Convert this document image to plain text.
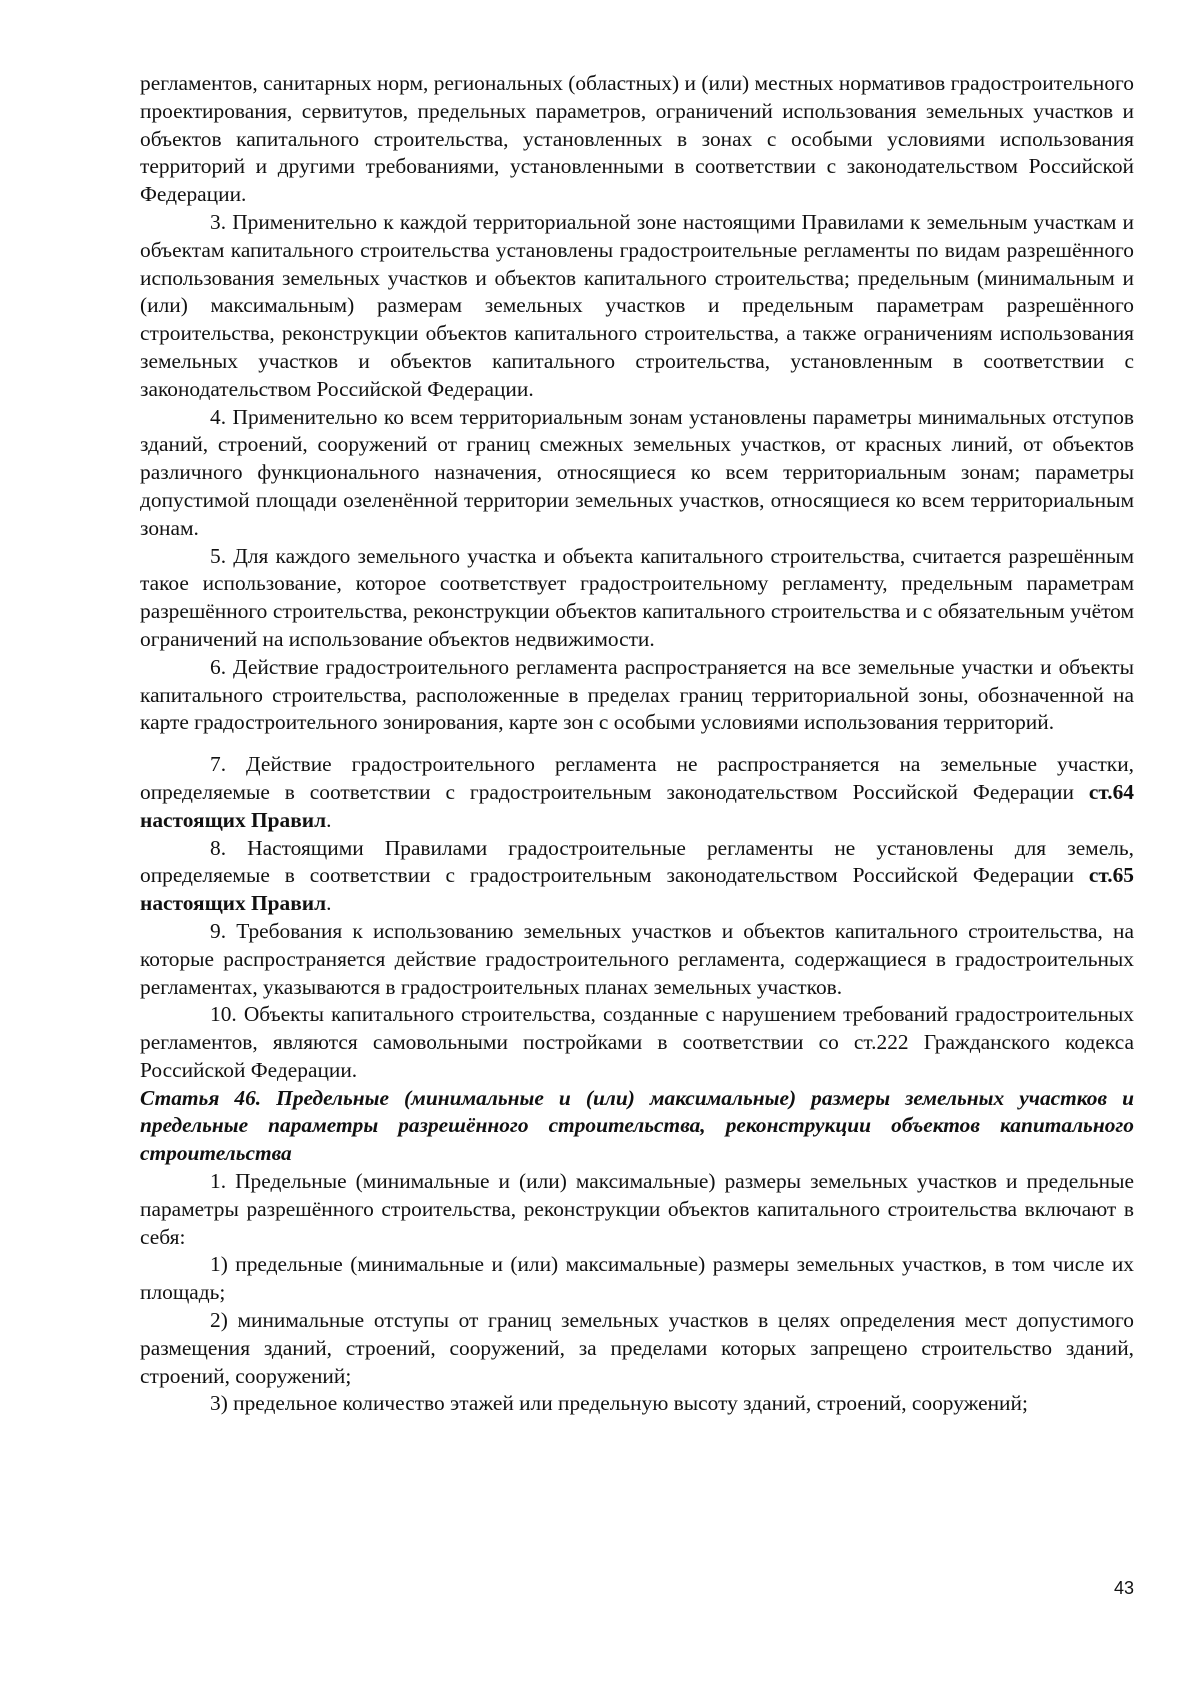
регламентов, санитарных норм, региональных (областных) и (или) местных нормативов градостроительного проектирования, сервитутов, предельных параметров, ограничений использования земельных участков и объектов капитального строительства, установленных в зонах с особыми условиями использования территорий и другими требованиями, установленными в соответствии с законодательством Российской Федерации.

3. Применительно к каждой территориальной зоне настоящими Правилами к земельным участкам и объектам капитального строительства установлены градостроительные регламенты по видам разрешённого использования земельных участков и объектов капитального строительства; предельным (минимальным и (или) максимальным) размерам земельных участков и предельным параметрам разрешённого строительства, реконструкции объектов капитального строительства, а также ограничениям использования земельных участков и объектов капитального строительства, установленным в соответствии с законодательством Российской Федерации.

4. Применительно ко всем территориальным зонам установлены параметры минимальных отступов зданий, строений, сооружений от границ смежных земельных участков, от красных линий, от объектов различного функционального назначения, относящиеся ко всем территориальным зонам; параметры допустимой площади озеленённой территории земельных участков, относящиеся ко всем территориальным зонам.

5. Для каждого земельного участка и объекта капитального строительства, считается разрешённым такое использование, которое соответствует градостроительному регламенту, предельным параметрам разрешённого строительства, реконструкции объектов капитального строительства и с обязательным учётом ограничений на использование объектов недвижимости.

6. Действие градостроительного регламента распространяется на все земельные участки и объекты капитального строительства, расположенные в пределах границ территориальной зоны, обозначенной на карте градостроительного зонирования, карте зон с особыми условиями использования территорий.

7. Действие градостроительного регламента не распространяется на земельные участки, определяемые в соответствии с градостроительным законодательством Российской Федерации ст.64 настоящих Правил.

8. Настоящими Правилами градостроительные регламенты не установлены для земель, определяемые в соответствии с градостроительным законодательством Российской Федерации ст.65 настоящих Правил.

9. Требования к использованию земельных участков и объектов капитального строительства, на которые распространяется действие градостроительного регламента, содержащиеся в градостроительных регламентах, указываются в градостроительных планах земельных участков.

10. Объекты капитального строительства, созданные с нарушением требований градостроительных регламентов, являются самовольными постройками в соответствии со ст.222 Гражданского кодекса Российской Федерации.

Статья 46. Предельные (минимальные и (или) максимальные) размеры земельных участков и предельные параметры разрешённого строительства, реконструкции объектов капитального строительства

1. Предельные (минимальные и (или) максимальные) размеры земельных участков и предельные параметры разрешённого строительства, реконструкции объектов капитального строительства включают в себя:

1) предельные (минимальные и (или) максимальные) размеры земельных участков, в том числе их площадь;

2) минимальные отступы от границ земельных участков в целях определения мест допустимого размещения зданий, строений, сооружений, за пределами которых запрещено строительство зданий, строений, сооружений;

3) предельное количество этажей или предельную высоту зданий, строений, сооружений;

43
